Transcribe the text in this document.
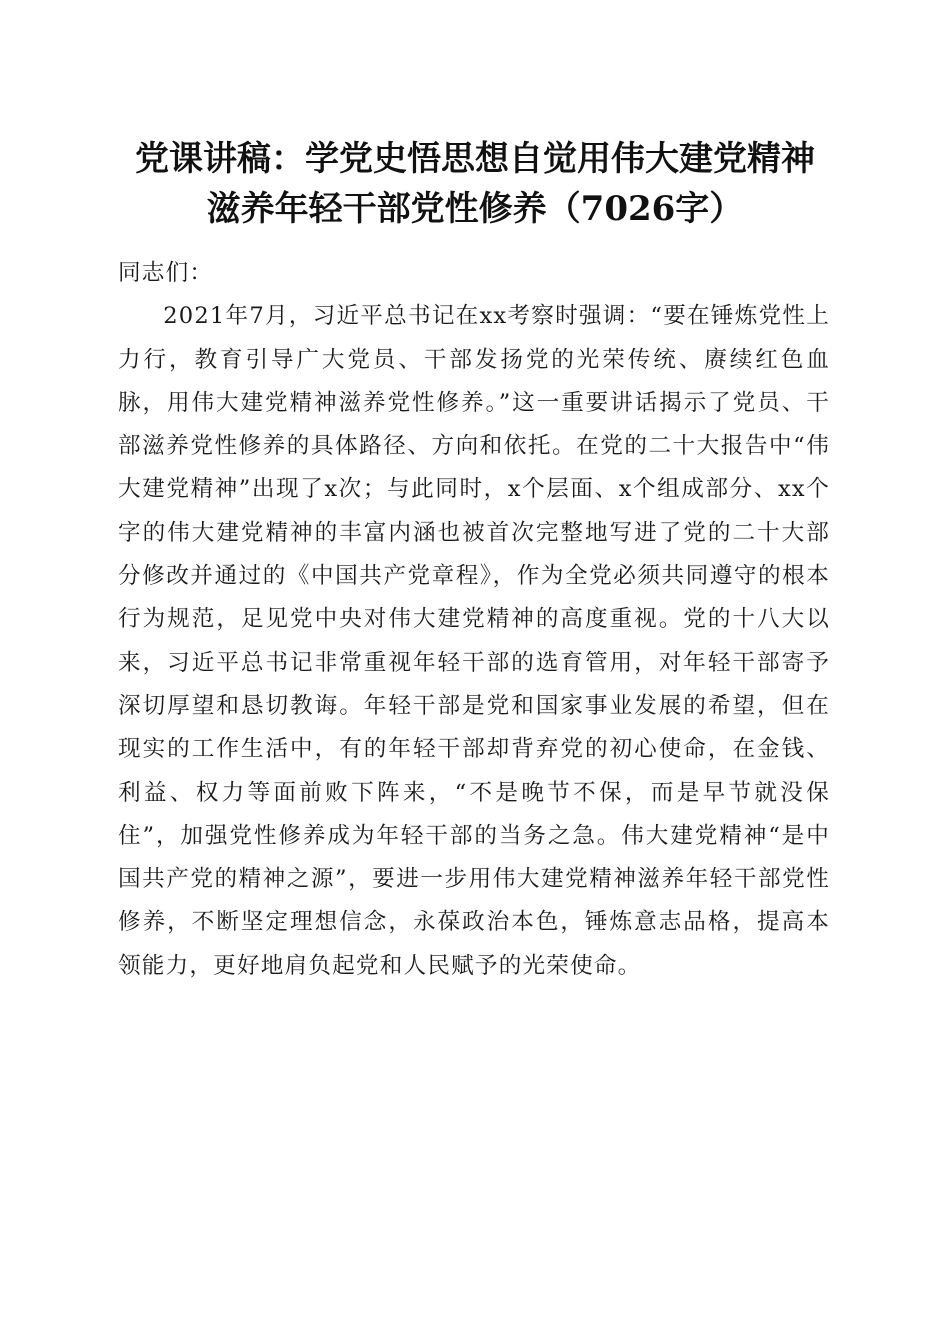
党课讲稿：学党史悟思想自觉用伟大建党精神
滋养年轻干部党性修养（7026字）

同志们：

2021年7月，习近平总书记在xx考察时强调：“要在锤炼党性上力行，教育引导广大党员、干部发扬党的光荣传统、赓续红色血脉，用伟大建党精神滋养党性修养。”这一重要讲话揭示了党员、干部滋养党性修养的具体路径、方向和依托。在党的二十大报告中“伟大建党精神”出现了x次；与此同时，x个层面、x个组成部分、xx个字的伟大建党精神的丰富内涵也被首次完整地写进了党的二十大部分修改并通过的《中国共产党章程》，作为全党必须共同遵守的根本行为规范，足见党中央对伟大建党精神的高度重视。党的十八大以来，习近平总书记非常重视年轻干部的选育管用，对年轻干部寄予深切厚望和恳切教诲。年轻干部是党和国家事业发展的希望，但在现实的工作生活中，有的年轻干部却背弃党的初心使命，在金钱、利益、权力等面前败下阵来，“不是晚节不保，而是早节就没保住”，加强党性修养成为年轻干部的当务之急。伟大建党精神“是中国共产党的精神之源”，要进一步用伟大建党精神滋养年轻干部党性修养，不断坚定理想信念，永葆政治本色，锤炼意志品格，提高本领能力，更好地肩负起党和人民赋予的光荣使命。
